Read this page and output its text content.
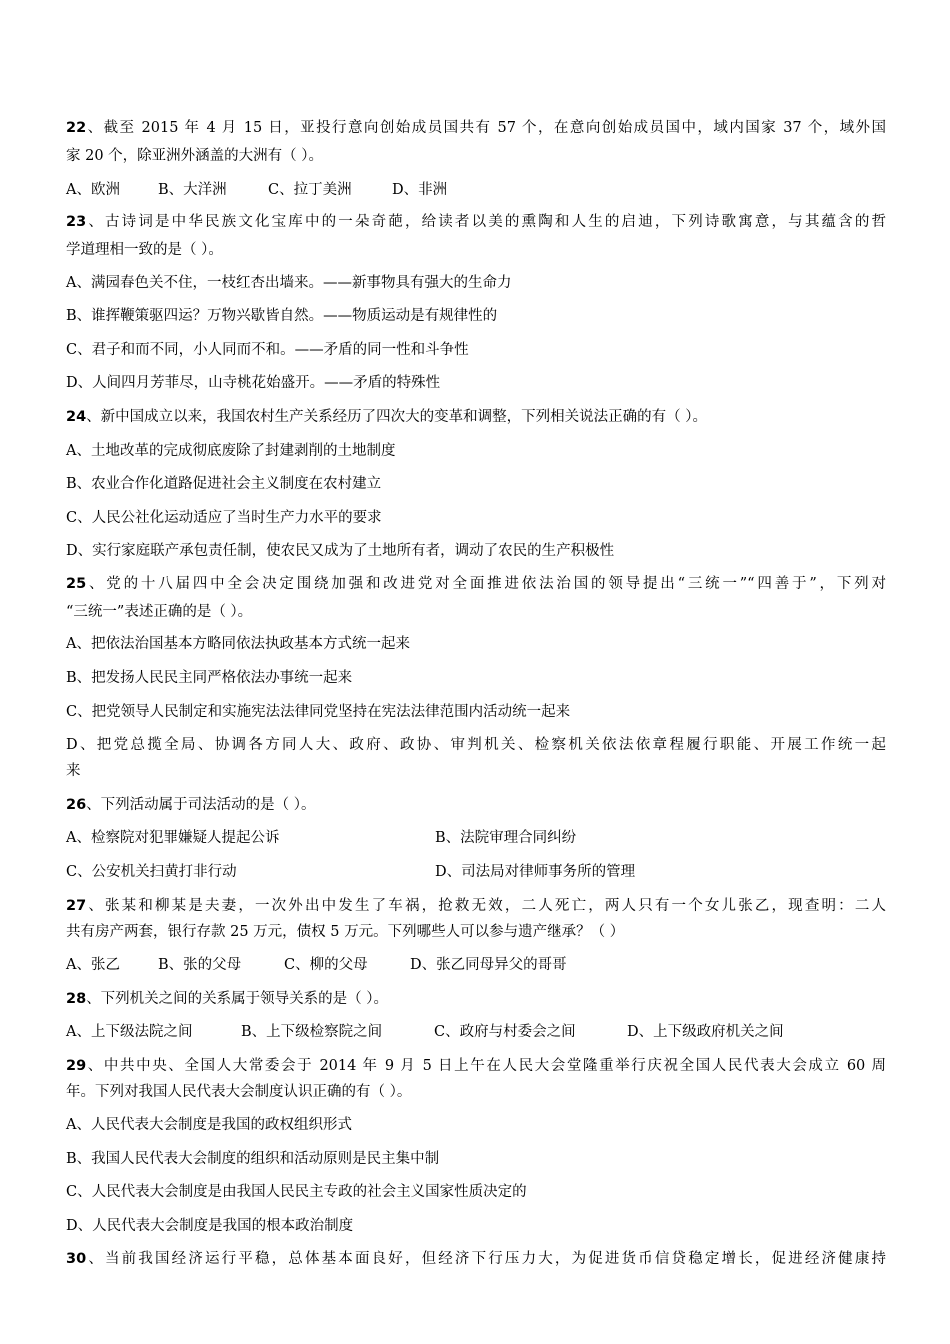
22、截至 2015 年 4 月 15 日，亚投行意向创始成员国共有 57 个，在意向创始成员国中，域内国家 37 个，域外国
家 20 个，除亚洲外涵盖的大洲有（ ）。
A、欧洲	B、大洋洲	C、拉丁美洲	D、非洲
23、古诗词是中华民族文化宝库中的一朵奇葩，给读者以美的熏陶和人生的启迪，下列诗歌寓意，与其蕴含的哲
学道理相一致的是（ ）。
A、满园春色关不住，一枝红杏出墙来。——新事物具有强大的生命力
B、谁挥鞭策驱四运？万物兴歇皆自然。——物质运动是有规律性的
C、君子和而不同，小人同而不和。——矛盾的同一性和斗争性
D、人间四月芳菲尽，山寺桃花始盛开。——矛盾的特殊性
24、新中国成立以来，我国农村生产关系经历了四次大的变革和调整，下列相关说法正确的有（ ）。
A、土地改革的完成彻底废除了封建剥削的土地制度
B、农业合作化道路促进社会主义制度在农村建立
C、人民公社化运动适应了当时生产力水平的要求
D、实行家庭联产承包责任制，使农民又成为了土地所有者，调动了农民的生产积极性
25、党的十八届四中全会决定围绕加强和改进党对全面推进依法治国的领导提出“三统一”“四善于”，下列对
“三统一”表述正确的是（ ）。
A、把依法治国基本方略同依法执政基本方式统一起来
B、把发扬人民民主同严格依法办事统一起来
C、把党领导人民制定和实施宪法法律同党坚持在宪法法律范围内活动统一起来
D、把党总揽全局、协调各方同人大、政府、政协、审判机关、检察机关依法依章程履行职能、开展工作统一起
来
26、下列活动属于司法活动的是（ ）。
A、检察院对犯罪嫌疑人提起公诉	B、法院审理合同纠纷
C、公安机关扫黄打非行动	D、司法局对律师事务所的管理
27、张某和柳某是夫妻，一次外出中发生了车祸，抢救无效，二人死亡，两人只有一个女儿张乙，现查明：二人
共有房产两套，银行存款 25 万元，债权 5 万元。下列哪些人可以参与遗产继承？（ ）
A、张乙	B、张的父母	C、柳的父母	D、张乙同母异父的哥哥
28、下列机关之间的关系属于领导关系的是（ ）。
A、上下级法院之间	B、上下级检察院之间	C、政府与村委会之间	D、上下级政府机关之间
29、中共中央、全国人大常委会于 2014 年 9 月 5 日上午在人民大会堂隆重举行庆祝全国人民代表大会成立 60 周
年。下列对我国人民代表大会制度认识正确的有（ ）。
A、人民代表大会制度是我国的政权组织形式
B、我国人民代表大会制度的组织和活动原则是民主集中制
C、人民代表大会制度是由我国人民民主专政的社会主义国家性质决定的
D、人民代表大会制度是我国的根本政治制度
30、当前我国经济运行平稳，总体基本面良好，但经济下行压力大，为促进货币信贷稳定增长，促进经济健康持
